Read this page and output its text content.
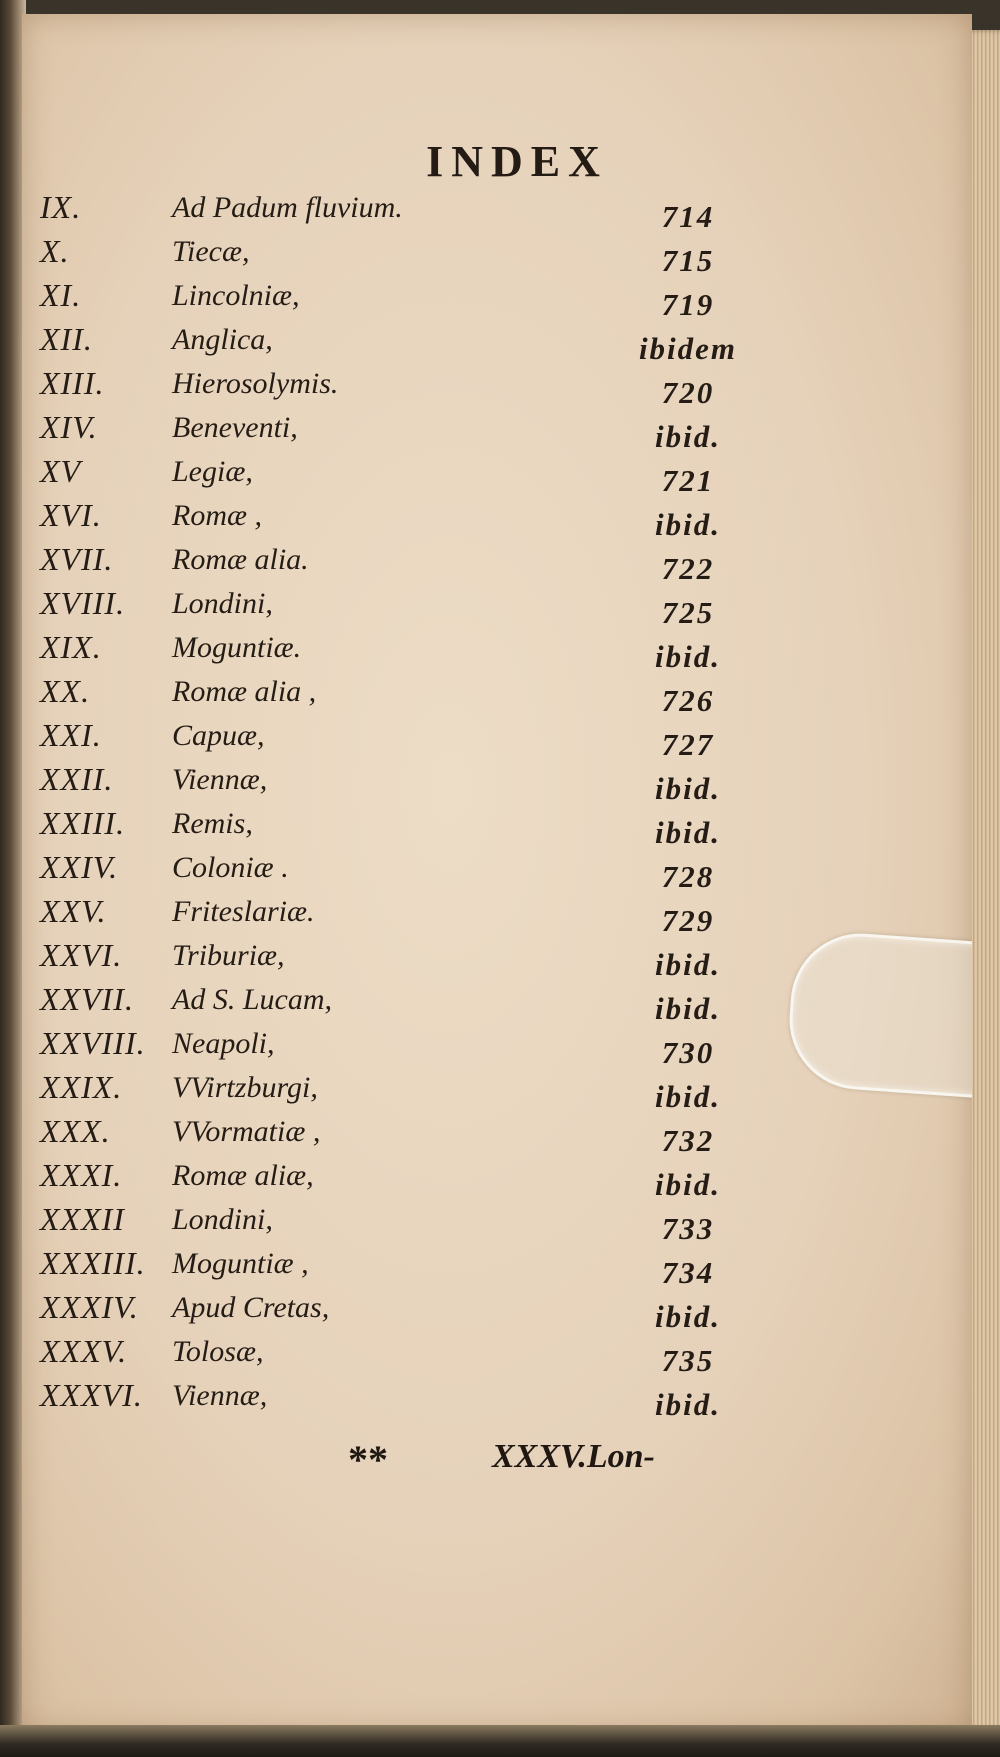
INDEX
IX.	Ad Padum fluvium.	714
X.	Tiecæ,	715
XI.	Lincolniæ,	719
XII.	Anglica,	ibidem
XIII. Hierosolymis.	720
XIV. Beneventi,	ibid.
XV	Legiæ,	721
XVI. Romæ ,	ibid.
XVII. Romæ alia.	722
XVIII. Londini,	725
XIX. Moguntiæ.	ibid.
XX.	Romæ alia ,	726
XXI. Capuæ,	727
XXII. Viennæ,	ibid.
XXIII. Remis,	ibid.
XXIV. Coloniæ .	728
XXV. Friteslariæ.	729
XXVI. Triburiæ,	ibid.
XXVII. Ad S. Lucam,	ibid.
XXVIII. Neapoli,	730
XXIX. VVirtzburgi,	ibid.
XXX. VVormatiæ ,	732
XXXI. Romæ aliæ,	ibid.
XXXII Londini,	733
XXXIII. Moguntiæ ,	734
XXXIV. Apud Cretas,	ibid.
XXXV. Tolosæ,	735
XXXVI. Viennæ,	ibid.
**	XXXV.Lon-
